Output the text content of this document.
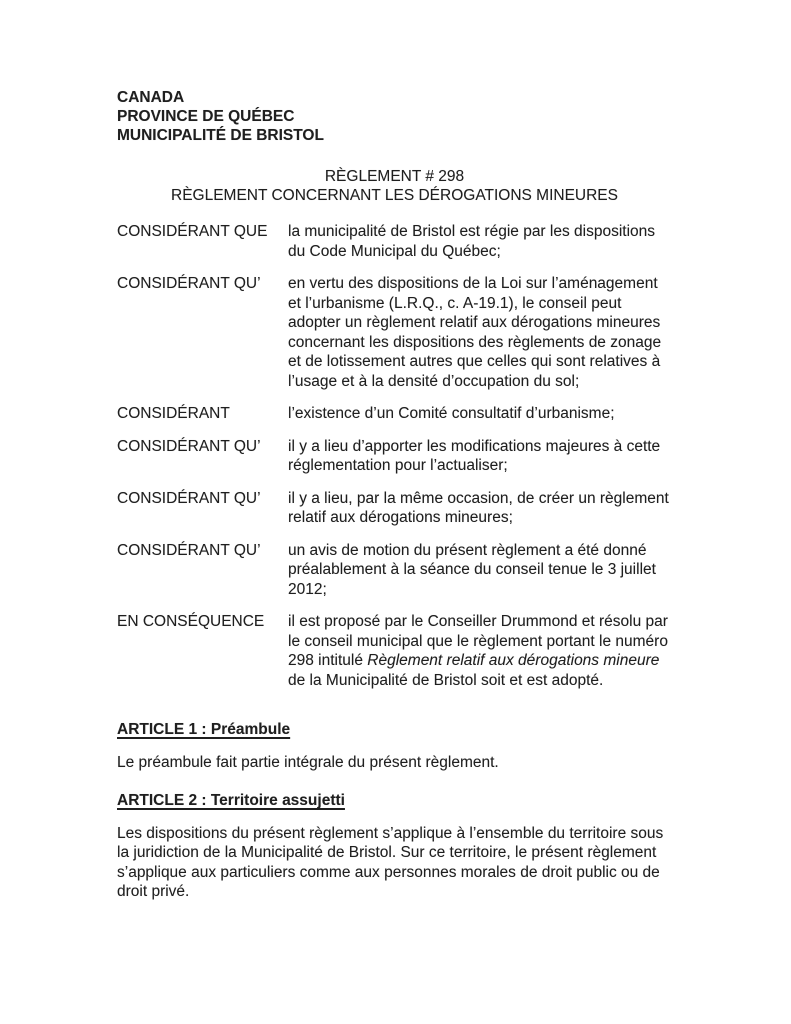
CANADA
PROVINCE DE QUÉBEC
MUNICIPALITÉ DE BRISTOL
RÈGLEMENT # 298
RÈGLEMENT CONCERNANT LES DÉROGATIONS MINEURES
CONSIDÉRANT QUE	la municipalité de Bristol est régie par les dispositions du Code Municipal du Québec;
CONSIDÉRANT QU’	en vertu des dispositions de la Loi sur l’aménagement et l’urbanisme (L.R.Q., c. A-19.1), le conseil peut adopter un règlement relatif aux dérogations mineures concernant les dispositions des règlements de zonage et de lotissement autres que celles qui sont relatives à l’usage et à la densité d’occupation du sol;
CONSIDÉRANT	l’existence d’un Comité consultatif d’urbanisme;
CONSIDÉRANT QU’	il y a lieu d’apporter les modifications majeures à cette réglementation pour l’actualiser;
CONSIDÉRANT QU’	il y a lieu, par la même occasion, de créer un règlement relatif aux dérogations mineures;
CONSIDÉRANT QU’	un avis de motion du présent règlement a été donné préalablement à la séance du conseil tenue le 3 juillet 2012;
EN CONSÉQUENCE	il est proposé par le Conseiller Drummond et résolu par le conseil municipal que le règlement portant le numéro 298 intitulé Règlement relatif aux dérogations mineure de la Municipalité de Bristol soit et est adopté.
ARTICLE 1 : Préambule

Le préambule fait partie intégrale du présent règlement.

ARTICLE 2 : Territoire assujetti

Les dispositions du présent règlement s’applique à l’ensemble du territoire sous la juridiction de la Municipalité de Bristol. Sur ce territoire, le présent règlement s’applique aux particuliers comme aux personnes morales de droit public ou de droit privé.
